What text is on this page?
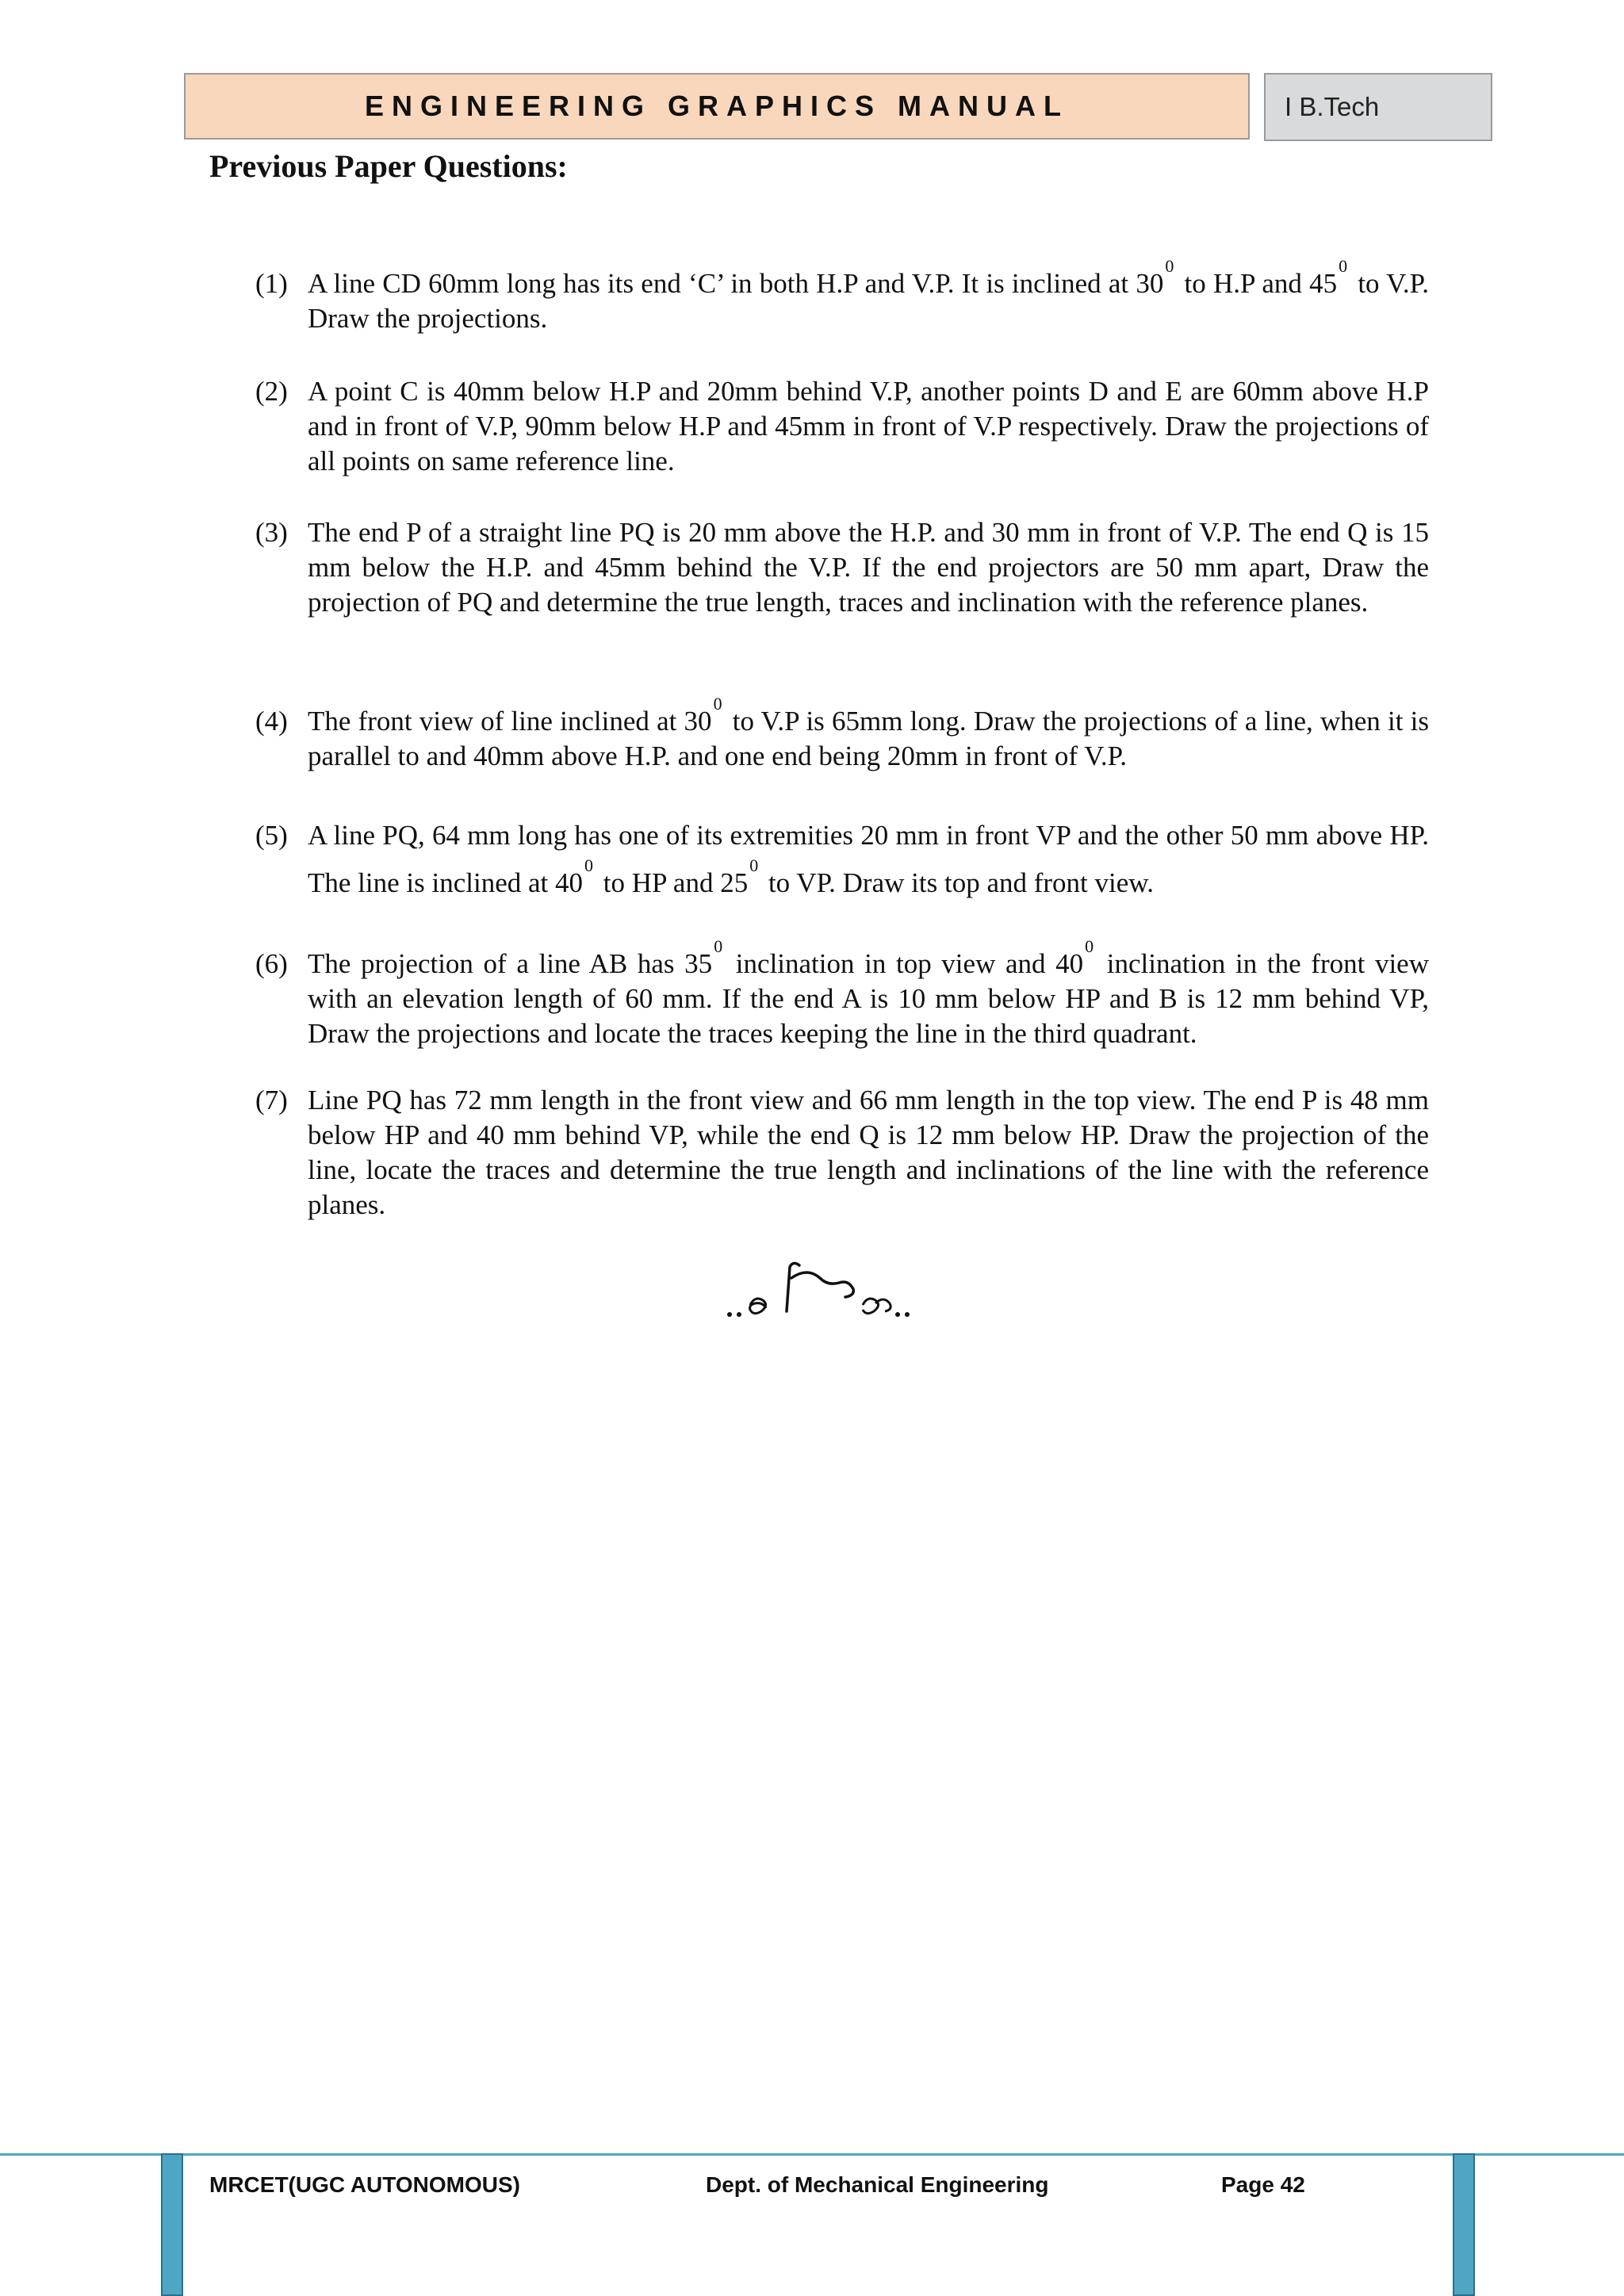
ENGINEERING GRAPHICS MANUAL	I B.Tech
Previous Paper Questions:
(1) A line CD 60mm long has its end ‘C’ in both H.P and V.P. It is inclined at $30^0$ to H.P and $45^0$ to V.P. Draw the projections.
(2) A point C is 40mm below H.P and 20mm behind V.P, another points D and E are 60mm above H.P and in front of V.P, 90mm below H.P and 45mm in front of V.P respectively. Draw the projections of all points on same reference line.
(3) The end P of a straight line PQ is 20 mm above the H.P. and 30 mm in front of V.P. The end Q is 15 mm below the H.P. and 45mm behind the V.P. If the end projectors are 50 mm apart, Draw the projection of PQ and determine the true length, traces and inclination with the reference planes.
(4) The front view of line inclined at $30^0$ to V.P is 65mm long. Draw the projections of a line, when it is parallel to and 40mm above H.P. and one end being 20mm in front of V.P.
(5) A line PQ, 64 mm long has one of its extremities 20 mm in front VP and the other 50 mm above HP. The line is inclined at $40^0$ to HP and $25^0$ to VP. Draw its top and front view.
(6) The projection of a line AB has $35^0$ inclination in top view and $40^0$ inclination in the front view with an elevation length of 60 mm. If the end A is 10 mm below HP and B is 12 mm behind VP, Draw the projections and locate the traces keeping the line in the third quadrant.
(7) Line PQ has 72 mm length in the front view and 66 mm length in the top view. The end P is 48 mm below HP and 40 mm behind VP, while the end Q is 12 mm below HP. Draw the projection of the line, locate the traces and determine the true length and inclinations of the line with the reference planes.
MRCET(UGC AUTONOMOUS)	Dept. of Mechanical Engineering	Page 42
